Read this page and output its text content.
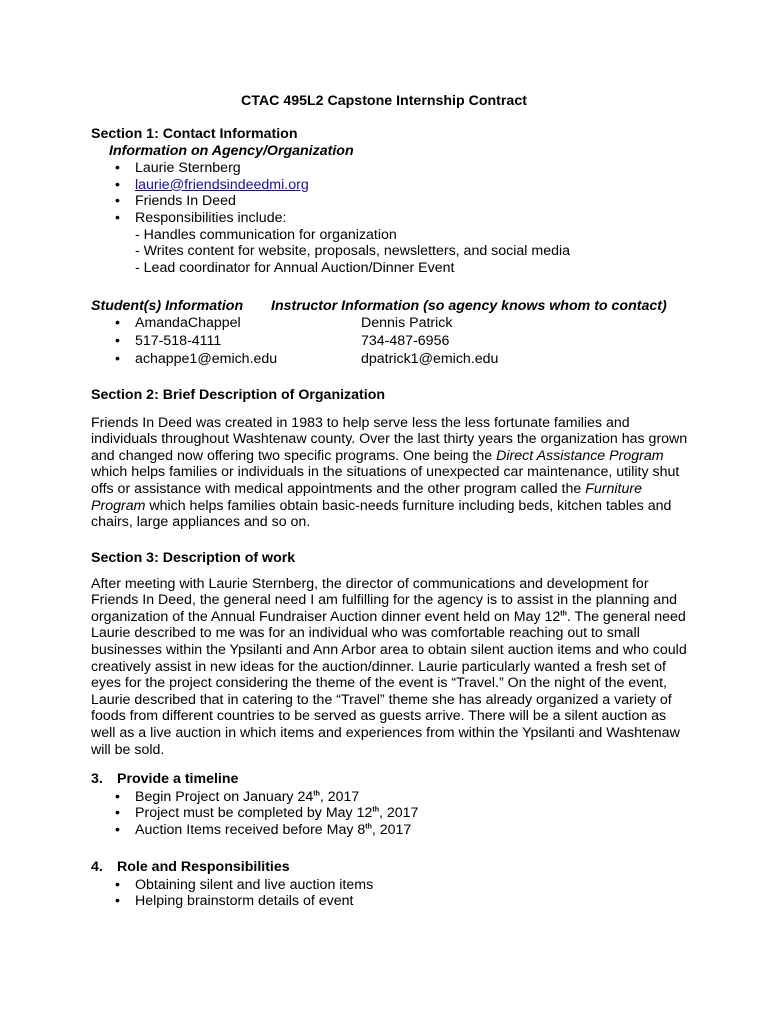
CTAC 495L2 Capstone Internship Contract
Section 1: Contact Information
Information on Agency/Organization
• Laurie Sternberg
• laurie@friendsindeedmi.org
• Friends In Deed
• Responsibilities include:
- Handles communication for organization
- Writes content for website, proposals, newsletters, and social media
- Lead coordinator for Annual Auction/Dinner Event
Student(s) Information Instructor Information (so agency knows whom to contact)
• AmandaChappel	Dennis Patrick
• 517-518-4111	734-487-6956
• achappe1@emich.edu	dpatrick1@emich.edu
Section 2: Brief Description of Organization

Friends In Deed was created in 1983 to help serve less the less fortunate families and individuals throughout Washtenaw county. Over the last thirty years the organization has grown and changed now offering two specific programs. One being the Direct Assistance Program which helps families or individuals in the situations of unexpected car maintenance, utility shut offs or assistance with medical appointments and the other program called the Furniture Program which helps families obtain basic-needs furniture including beds, kitchen tables and chairs, large appliances and so on.

Section 3: Description of work

After meeting with Laurie Sternberg, the director of communications and development for Friends In Deed, the general need I am fulfilling for the agency is to assist in the planning and organization of the Annual Fundraiser Auction dinner event held on May 12th. The general need Laurie described to me was for an individual who was comfortable reaching out to small businesses within the Ypsilanti and Ann Arbor area to obtain silent auction items and who could creatively assist in new ideas for the auction/dinner. Laurie particularly wanted a fresh set of eyes for the project considering the theme of the event is “Travel.” On the night of the event, Laurie described that in catering to the “Travel” theme she has already organized a variety of foods from different countries to be served as guests arrive. There will be a silent auction as well as a live auction in which items and experiences from within the Ypsilanti and Washtenaw will be sold.

3. Provide a timeline
• Begin Project on January 24th, 2017
• Project must be completed by May 12th, 2017
• Auction Items received before May 8th, 2017
4. Role and Responsibilities
• Obtaining silent and live auction items
• Helping brainstorm details of event
